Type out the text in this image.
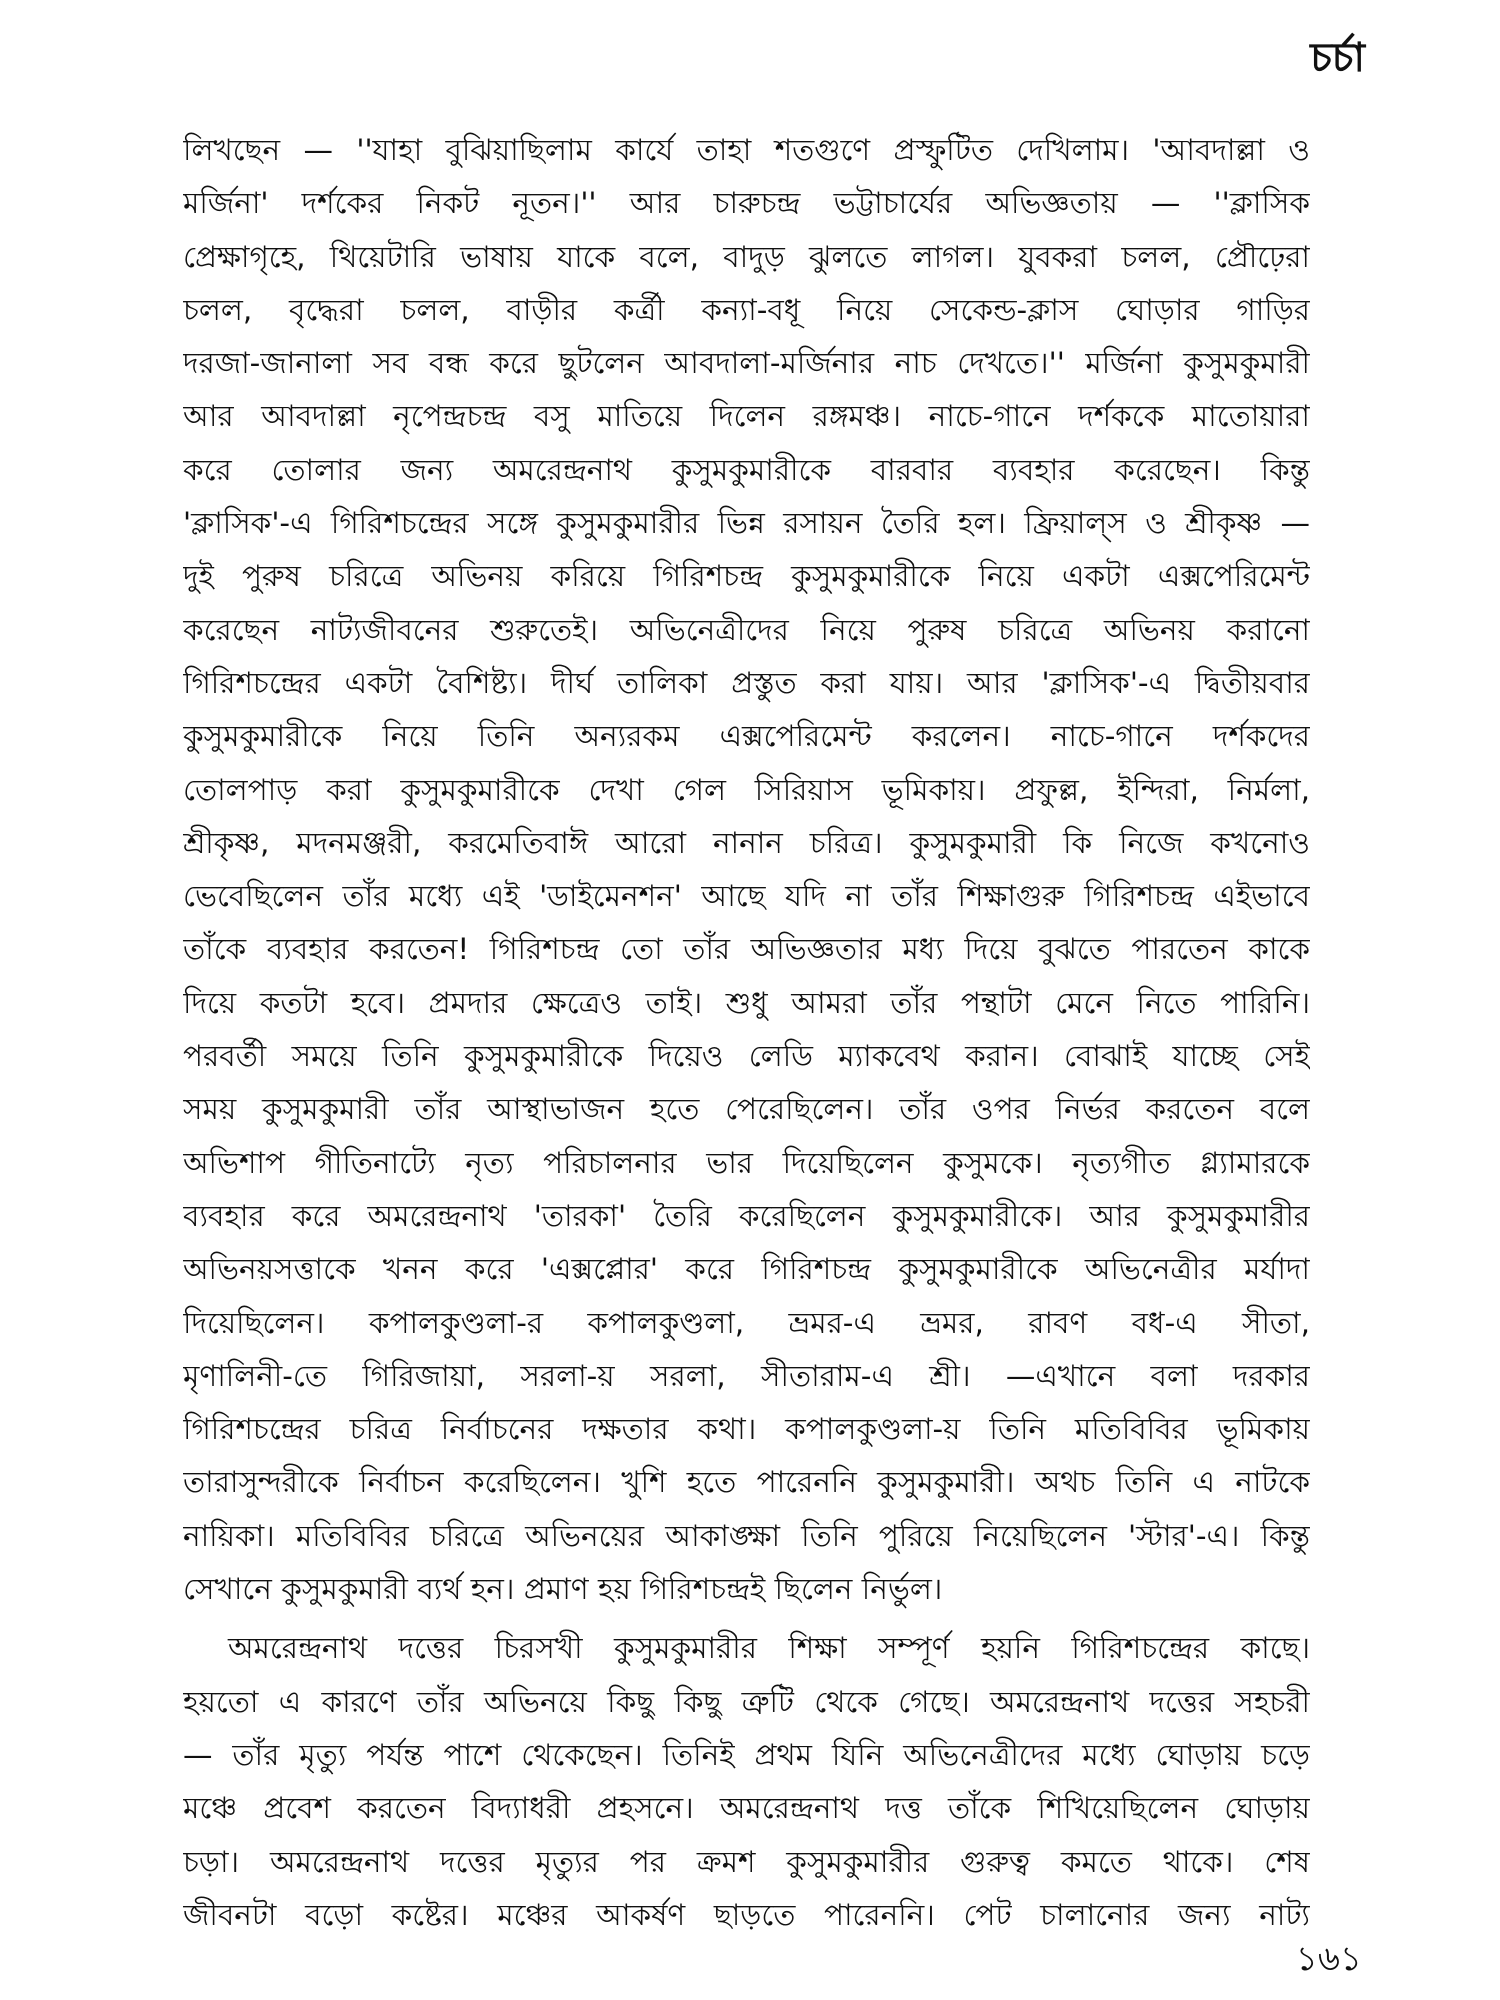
চর্চা
লিখছেন — ''যাহা বুঝিয়াছিলাম কার্যে তাহা শতগুণে প্রস্ফুটিত দেখিলাম। 'আবদাল্লা ও
মর্জিনা' দর্শকের নিকট নূতন।'' আর চারুচন্দ্র ভট্টাচার্যের অভিজ্ঞতায় — ''ক্লাসিক
প্রেক্ষাগৃহে, থিয়েটারি ভাষায় যাকে বলে, বাদুড় ঝুলতে লাগল। যুবকরা চলল, প্রৌঢ়েরা
চলল, বৃদ্ধেরা চলল, বাড়ীর কর্ত্রী কন্যা-বধূ নিয়ে সেকেন্ড-ক্লাস ঘোড়ার গাড়ির
দরজা-জানালা সব বন্ধ করে ছুটলেন আবদালা-মর্জিনার নাচ দেখতে।'' মর্জিনা কুসুমকুমারী
আর আবদাল্লা নৃপেন্দ্রচন্দ্র বসু মাতিয়ে দিলেন রঙ্গমঞ্চ। নাচে-গানে দর্শককে মাতোয়ারা
করে তোলার জন্য অমরেন্দ্রনাথ কুসুমকুমারীকে বারবার ব্যবহার করেছেন। কিন্তু
'ক্লাসিক'-এ গিরিশচন্দ্রের সঙ্গে কুসুমকুমারীর ভিন্ন রসায়ন তৈরি হল। ফ্রিয়াল্স ও শ্রীকৃষ্ণ —
দুই পুরুষ চরিত্রে অভিনয় করিয়ে গিরিশচন্দ্র কুসুমকুমারীকে নিয়ে একটা এক্সপেরিমেন্ট
করেছেন নাট্যজীবনের শুরুতেই। অভিনেত্রীদের নিয়ে পুরুষ চরিত্রে অভিনয় করানো
গিরিশচন্দ্রের একটা বৈশিষ্ট্য। দীর্ঘ তালিকা প্রস্তুত করা যায়। আর 'ক্লাসিক'-এ দ্বিতীয়বার
কুসুমকুমারীকে নিয়ে তিনি অন্যরকম এক্সপেরিমেন্ট করলেন। নাচে-গানে দর্শকদের
তোলপাড় করা কুসুমকুমারীকে দেখা গেল সিরিয়াস ভূমিকায়। প্রফুল্ল, ইন্দিরা, নির্মলা,
শ্রীকৃষ্ণ, মদনমঞ্জরী, করমেতিবাঈ আরো নানান চরিত্র। কুসুমকুমারী কি নিজে কখনোও
ভেবেছিলেন তাঁর মধ্যে এই 'ডাইমেনশন' আছে যদি না তাঁর শিক্ষাগুরু গিরিশচন্দ্র এইভাবে
তাঁকে ব্যবহার করতেন! গিরিশচন্দ্র তো তাঁর অভিজ্ঞতার মধ্য দিয়ে বুঝতে পারতেন কাকে
দিয়ে কতটা হবে। প্রমদার ক্ষেত্রেও তাই। শুধু আমরা তাঁর পন্থাটা মেনে নিতে পারিনি।
পরবর্তী সময়ে তিনি কুসুমকুমারীকে দিয়েও লেডি ম্যাকবেথ করান। বোঝাই যাচ্ছে সেই
সময় কুসুমকুমারী তাঁর আস্থাভাজন হতে পেরেছিলেন। তাঁর ওপর নির্ভর করতেন বলে
অভিশাপ গীতিনাট্যে নৃত্য পরিচালনার ভার দিয়েছিলেন কুসুমকে। নৃত্যগীত গ্ল্যামারকে
ব্যবহার করে অমরেন্দ্রনাথ 'তারকা' তৈরি করেছিলেন কুসুমকুমারীকে। আর কুসুমকুমারীর
অভিনয়সত্তাকে খনন করে 'এক্সপ্লোর' করে গিরিশচন্দ্র কুসুমকুমারীকে অভিনেত্রীর মর্যাদা
দিয়েছিলেন। কপালকুণ্ডলা-র কপালকুণ্ডলা, ভ্রমর-এ ভ্রমর, রাবণ বধ-এ সীতা,
মৃণালিনী-তে গিরিজায়া, সরলা-য় সরলা, সীতারাম-এ শ্রী। —এখানে বলা দরকার
গিরিশচন্দ্রের চরিত্র নির্বাচনের দক্ষতার কথা। কপালকুণ্ডলা-য় তিনি মতিবিবির ভূমিকায়
তারাসুন্দরীকে নির্বাচন করেছিলেন। খুশি হতে পারেননি কুসুমকুমারী। অথচ তিনি এ নাটকে
নায়িকা। মতিবিবির চরিত্রে অভিনয়ের আকাঙ্ক্ষা তিনি পুরিয়ে নিয়েছিলেন 'স্টার'-এ। কিন্তু
সেখানে কুসুমকুমারী ব্যর্থ হন। প্রমাণ হয় গিরিশচন্দ্রই ছিলেন নির্ভুল।
অমরেন্দ্রনাথ দত্তের চিরসখী কুসুমকুমারীর শিক্ষা সম্পূর্ণ হয়নি গিরিশচন্দ্রের কাছে।
হয়তো এ কারণে তাঁর অভিনয়ে কিছু কিছু ত্রুটি থেকে গেছে। অমরেন্দ্রনাথ দত্তের সহচরী
— তাঁর মৃত্যু পর্যন্ত পাশে থেকেছেন। তিনিই প্রথম যিনি অভিনেত্রীদের মধ্যে ঘোড়ায় চড়ে
মঞ্চে প্রবেশ করতেন বিদ্যাধরী প্রহসনে। অমরেন্দ্রনাথ দত্ত তাঁকে শিখিয়েছিলেন ঘোড়ায়
চড়া। অমরেন্দ্রনাথ দত্তের মৃত্যুর পর ক্রমশ কুসুমকুমারীর গুরুত্ব কমতে থাকে। শেষ
জীবনটা বড়ো কষ্টের। মঞ্চের আকর্ষণ ছাড়তে পারেননি। পেট চালানোর জন্য নাট্য
১৬১
